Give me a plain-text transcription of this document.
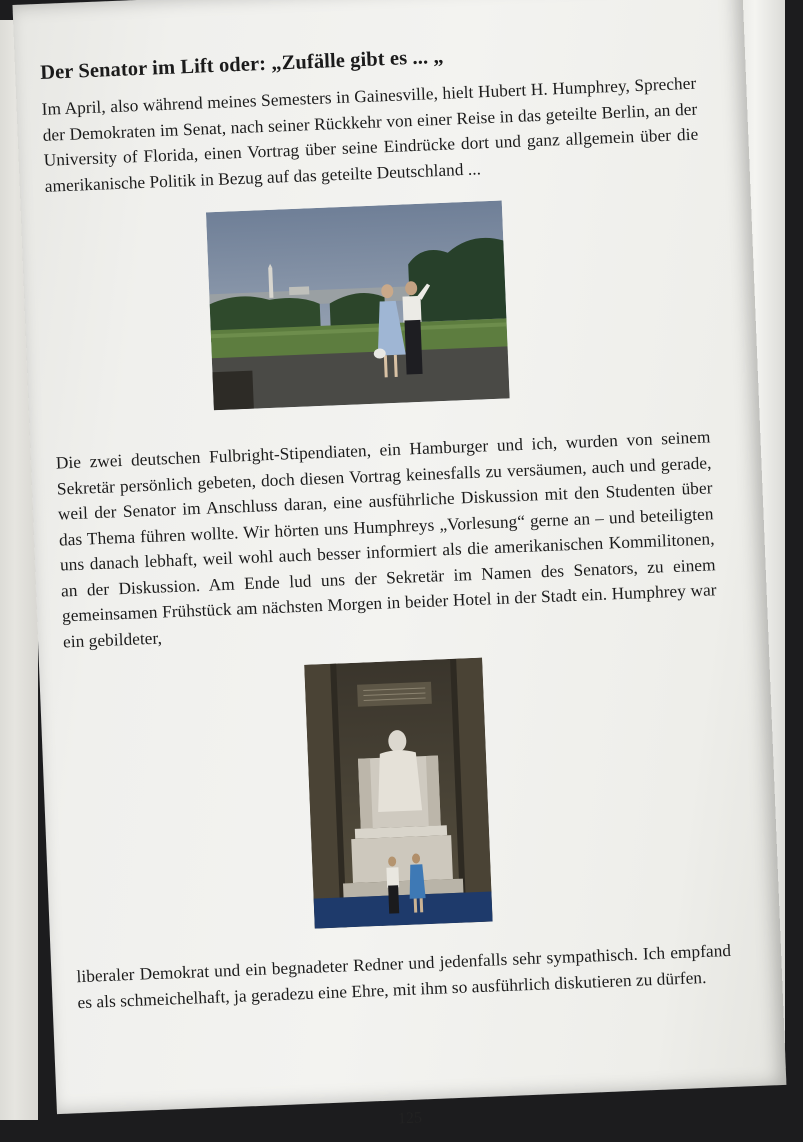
Der Senator im Lift oder: „Zufälle gibt es ... „

Im April, also während meines Semesters in Gainesville, hielt Hubert H. Humphrey, Sprecher der Demokraten im Senat, nach seiner Rückkehr von einer Reise in das geteilte Berlin, an der University of Florida, einen Vortrag über seine Eindrücke dort und ganz allgemein über die amerikanische Politik in Bezug auf das geteilte Deutschland ...

Die zwei deutschen Fulbright-Stipendiaten, ein Hamburger und ich, wurden von seinem Sekretär persönlich gebeten, doch diesen Vortrag keinesfalls zu versäumen, auch und gerade, weil der Senator im Anschluss daran, eine ausführliche Diskussion mit den Studenten über das Thema führen wollte. Wir hörten uns Humphreys „Vorlesung“ gerne an – und beteiligten uns danach lebhaft, weil wohl auch besser informiert als die amerikanischen Kommilitonen, an der Diskussion. Am Ende lud uns der Sekretär im Namen des Senators, zu einem gemeinsamen Frühstück am nächsten Morgen in beider Hotel in der Stadt ein. Humphrey war ein gebildeter,

liberaler Demokrat und ein begnadeter Redner und jedenfalls sehr sympathisch. Ich empfand es als schmeichelhaft, ja geradezu eine Ehre, mit ihm so ausführlich diskutieren zu dürfen.

125
